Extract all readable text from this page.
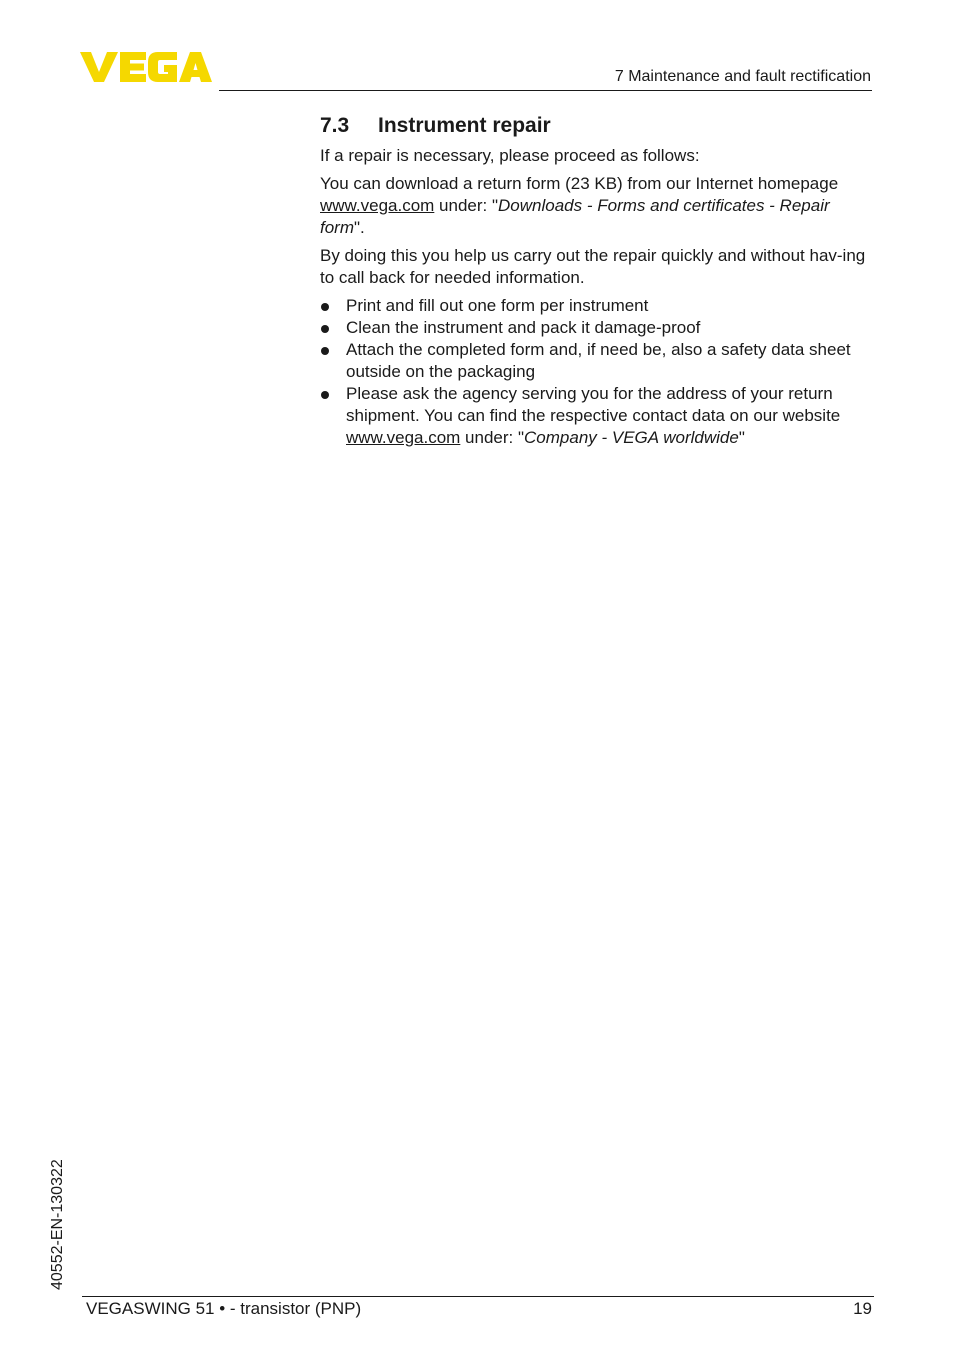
7 Maintenance and fault rectification
7.3	Instrument repair

If a repair is necessary, please proceed as follows:

You can download a return form (23 KB) from our Internet homepage www.vega.com under: "Downloads - Forms and certificates - Repair form".

By doing this you help us carry out the repair quickly and without hav-ing to call back for needed information.

Print and fill out one form per instrument
Clean the instrument and pack it damage-proof
Attach the completed form and, if need be, also a safety data sheet outside on the packaging
Please ask the agency serving you for the address of your return shipment. You can find the respective contact data on our website www.vega.com under: "Company - VEGA worldwide"
40552-EN-130322
VEGASWING 51 • - transistor (PNP)	19
